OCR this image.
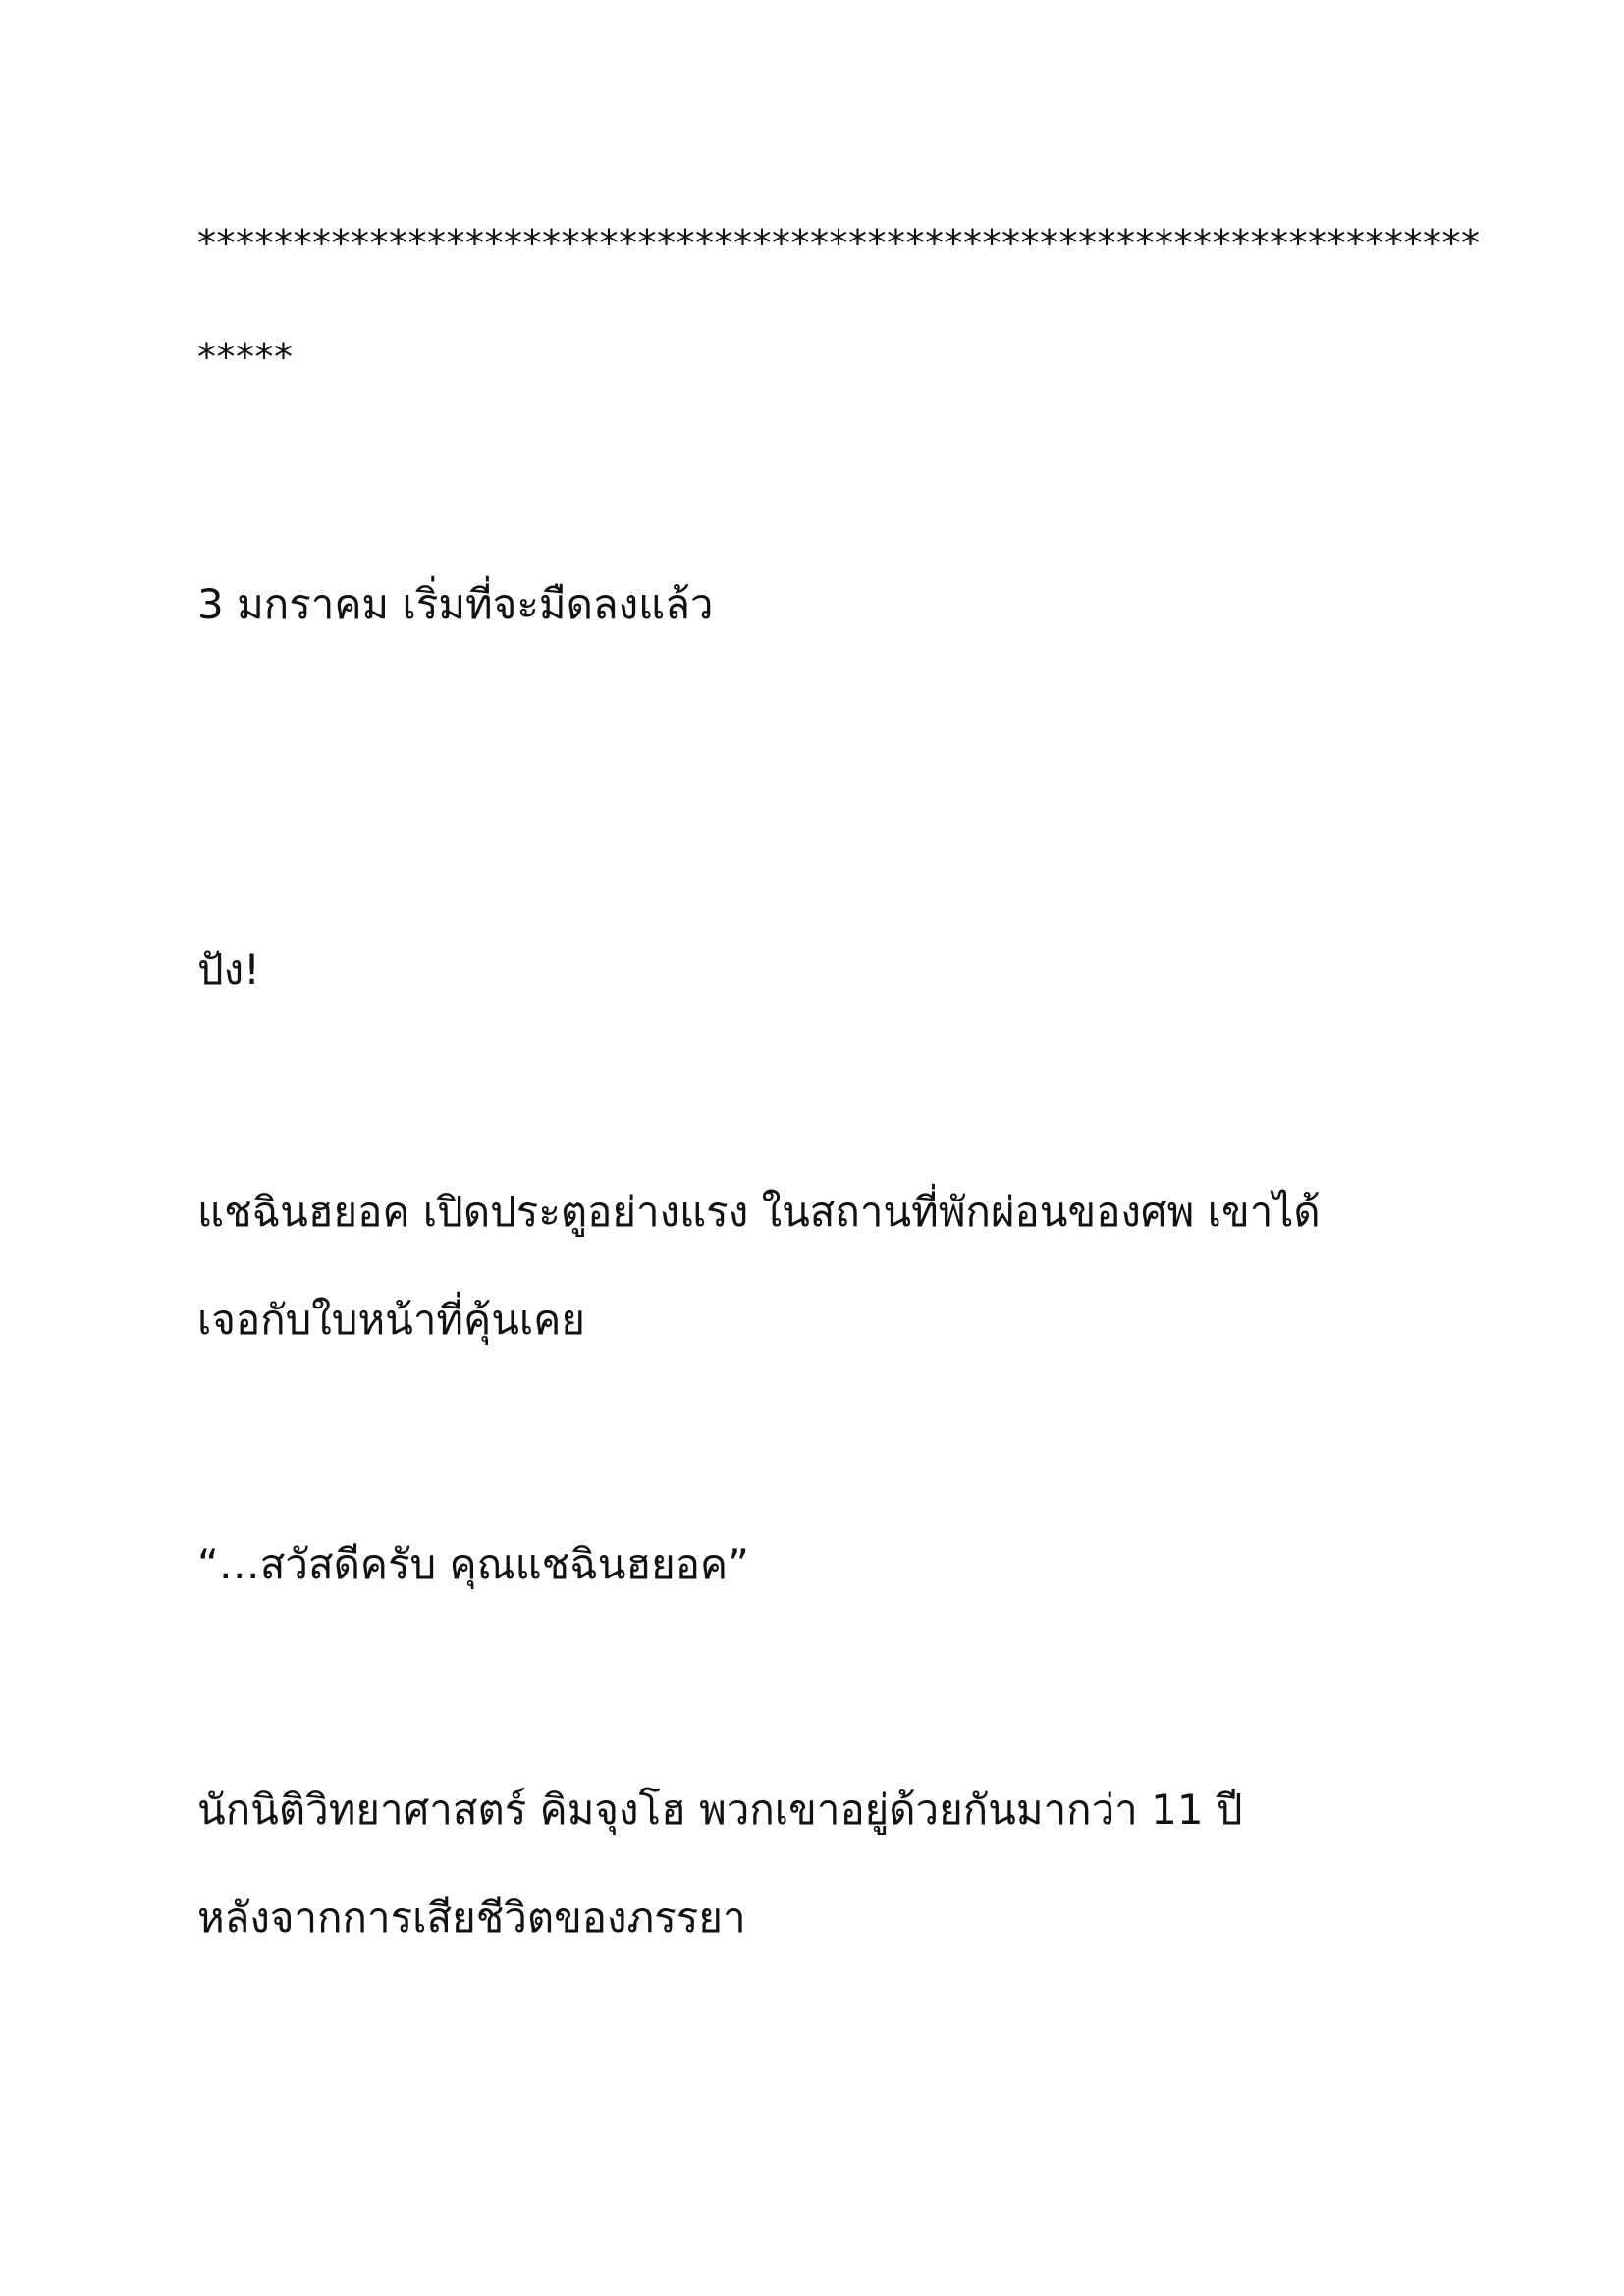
*******************************************************************
*****
3 มกราคม เริ่มที่จะมืดลงแล้ว
ปัง!
แชฉินฮยอค เปิดประตูอย่างแรง ในสถานที่พักผ่อนของศพ เขาได้
เจอกับใบหน้าที่คุ้นเคย
“…สวัสดีครับ คุณแชฉินฮยอค”
นักนิติวิทยาศาสตร์ คิมจุงโฮ พวกเขาอยู่ด้วยกันมากว่า 11 ปี
หลังจากการเสียชีวิตของภรรยา
